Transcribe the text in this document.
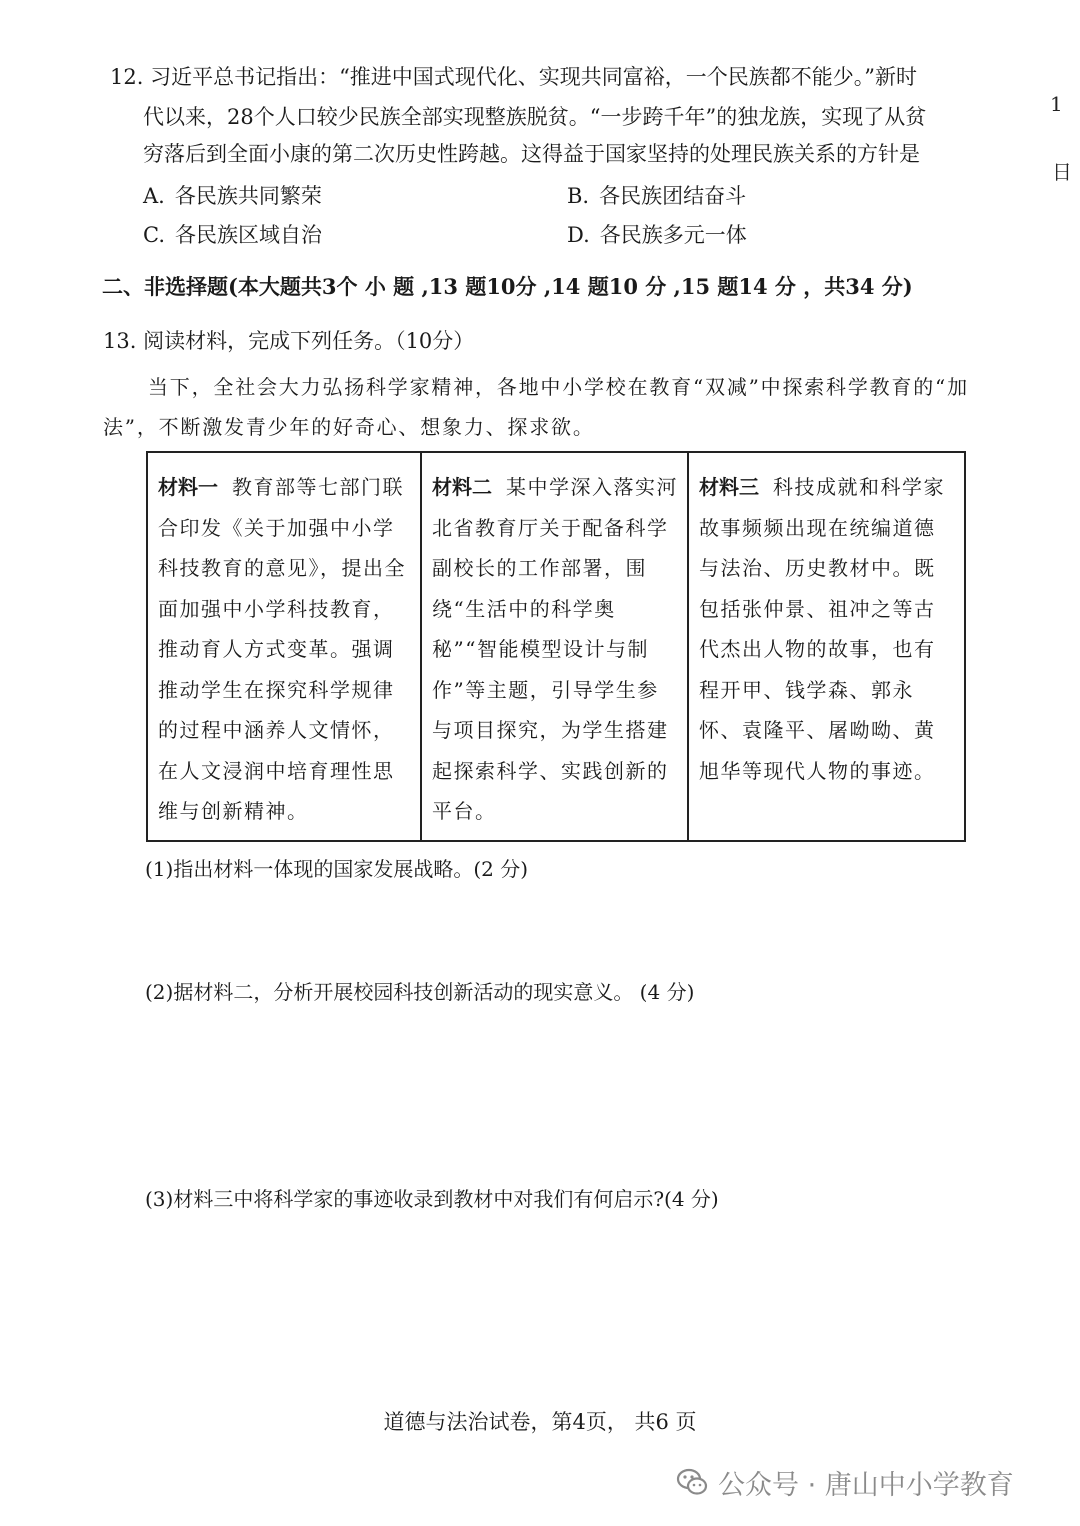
1
日
12. 习近平总书记指出：“推进中国式现代化、实现共同富裕，一个民族都不能少。”新时
代以来，28个人口较少民族全部实现整族脱贫。“一步跨千年”的独龙族，实现了从贫
穷落后到全面小康的第二次历史性跨越。这得益于国家坚持的处理民族关系的方针是
A. 各民族共同繁荣	B. 各民族团结奋斗
C. 各民族区域自治	D. 各民族多元一体
二、非选择题(本大题共3个 小 题 ,13 题10分 ,14 题10 分 ,15 题14 分 ，共34 分)
13. 阅读材料，完成下列任务。（10分）
当下，全社会大力弘扬科学家精神，各地中小学校在教育“双减”中探索科学教育的“加
法”，不断激发青少年的好奇心、想象力、探求欲。
材料一 教育部等七部门联合印发《关于加强中小学科技教育的意见》，提出全面加强中小学科技教育，推动育人方式变革。强调推动学生在探究科学规律的过程中涵养人文情怀，在人文浸润中培育理性思维与创新精神。	材料二 某中学深入落实河北省教育厅关于配备科学副校长的工作部署，围绕“生活中的科学奥秘”“智能模型设计与制作”等主题，引导学生参与项目探究，为学生搭建起探索科学、实践创新的平台。	材料三 科技成就和科学家故事频频出现在统编道德与法治、历史教材中。既包括张仲景、祖冲之等古代杰出人物的故事，也有程开甲、钱学森、郭永怀、袁隆平、屠呦呦、黄旭华等现代人物的事迹。
(1)指出材料一体现的国家发展战略。(2 分)
(2)据材料二，分析开展校园科技创新活动的现实意义。 (4 分)
(3)材料三中将科学家的事迹收录到教材中对我们有何启示?(4 分)
道德与法治试卷，第4页， 共6 页
公众号 · 唐山中小学教育
